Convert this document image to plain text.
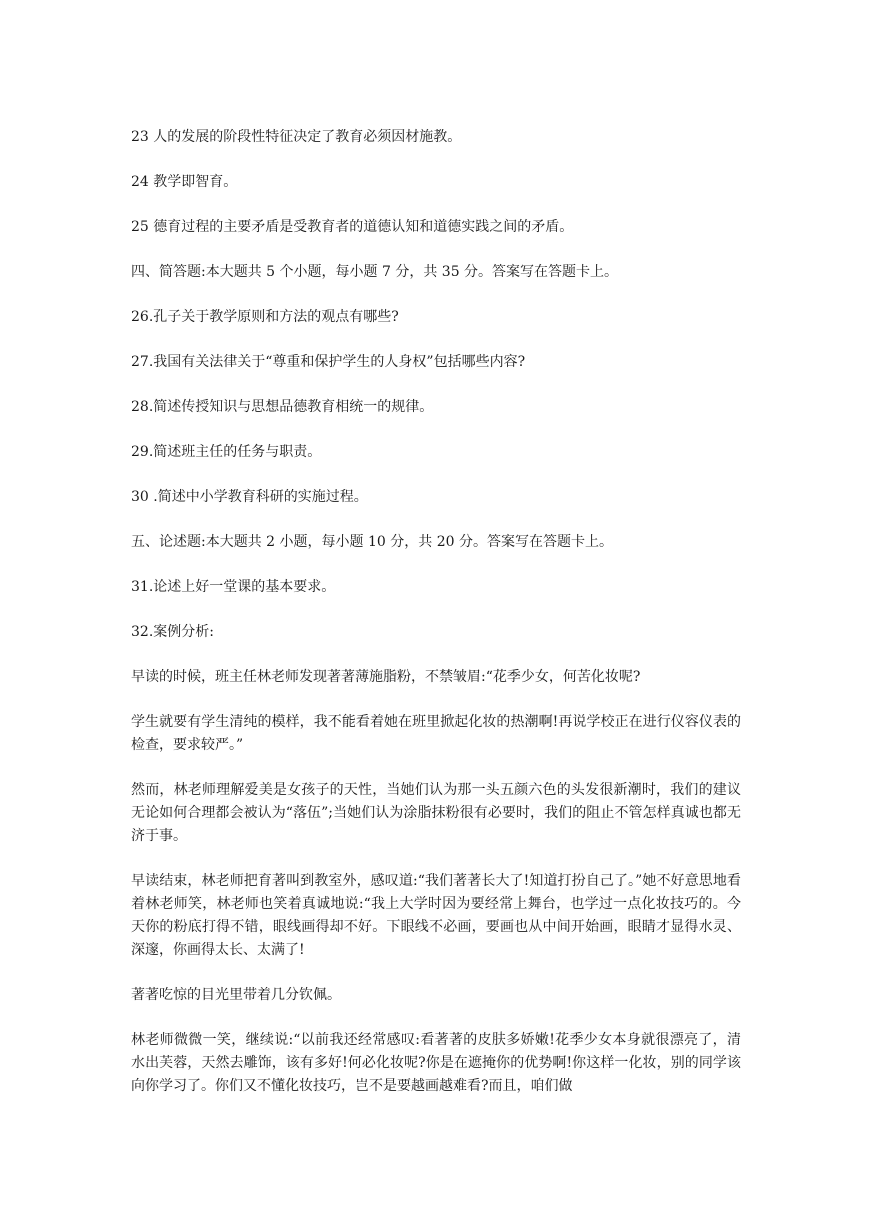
23 人的发展的阶段性特征决定了教育必须因材施教。

24 教学即智育。

25 德育过程的主要矛盾是受教育者的道德认知和道德实践之间的矛盾。

四、简答题:本大题共 5 个小题，每小题 7 分，共 35 分。答案写在答题卡上。

26.孔子关于教学原则和方法的观点有哪些?

27.我国有关法律关于“尊重和保护学生的人身权”包括哪些内容?

28.简述传授知识与思想品德教育相统一的规律。

29.简述班主任的任务与职责。

30 .简述中小学教育科研的实施过程。

五、论述题:本大题共 2 小题，每小题 10 分，共 20 分。答案写在答题卡上。

31.论述上好一堂课的基本要求。

32.案例分析:

早读的时候，班主任林老师发现著著薄施脂粉，不禁皱眉:“花季少女，何苦化妆呢?

学生就要有学生清纯的模样，我不能看着她在班里掀起化妆的热潮啊!再说学校正在进行仪容仪表的检查，要求较严。”

然而，林老师理解爱美是女孩子的天性，当她们认为那一头五颜六色的头发很新潮时，我们的建议无论如何合理都会被认为“落伍”;当她们认为涂脂抹粉很有必要时，我们的阻止不管怎样真诚也都无济于事。

早读结束，林老师把育著叫到教室外，感叹道:“我们著著长大了!知道打扮自己了。”她不好意思地看着林老师笑，林老师也笑着真诚地说:“我上大学时因为要经常上舞台，也学过一点化妆技巧的。今天你的粉底打得不错，眼线画得却不好。下眼线不必画，要画也从中间开始画，眼睛才显得水灵、深邃，你画得太长、太满了!

著著吃惊的目光里带着几分钦佩。

林老师微微一笑，继续说:“以前我还经常感叹:看著著的皮肤多娇嫩!花季少女本身就很漂亮了，清水出芙蓉，天然去雕饰，该有多好!何必化妆呢?你是在遮掩你的优势啊!你这样一化妆，别的同学该向你学习了。你们又不懂化妆技巧，岂不是要越画越难看?而且，咱们做
